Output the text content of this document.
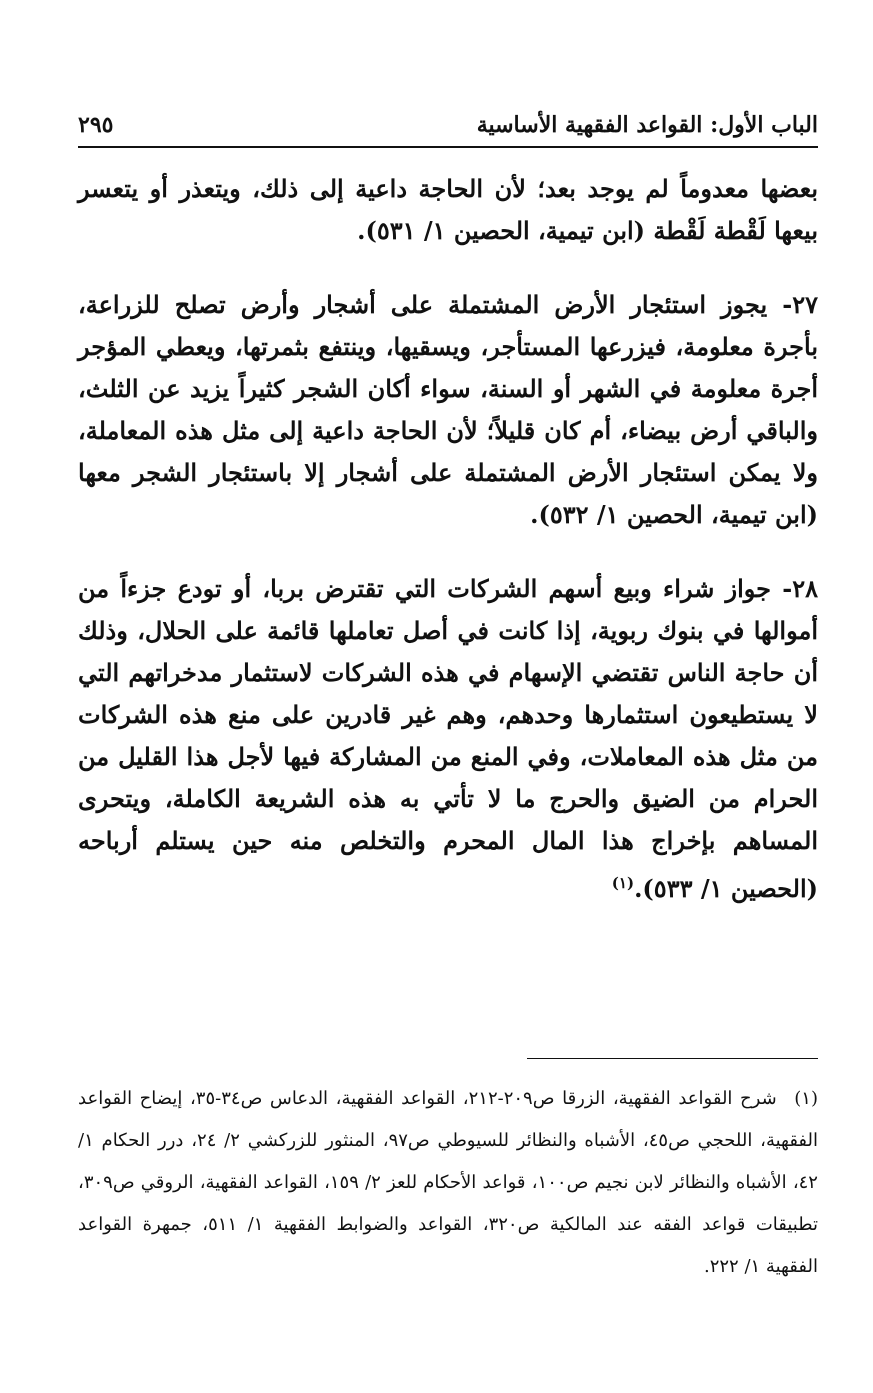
الباب الأول: القواعد الفقهية الأساسية
٢٩٥

بعضها معدوماً لم يوجد بعد؛ لأن الحاجة داعية إلى ذلك، ويتعذر أو يتعسر بيعها لَقْطة لَقْطة (ابن تيمية، الحصين ١/ ٥٣١).

٢٧- يجوز استئجار الأرض المشتملة على أشجار وأرض تصلح للزراعة، بأجرة معلومة، فيزرعها المستأجر، ويسقيها، وينتفع بثمرتها، ويعطي المؤجر أجرة معلومة في الشهر أو السنة، سواء أكان الشجر كثيراً يزيد عن الثلث، والباقي أرض بيضاء، أم كان قليلاً؛ لأن الحاجة داعية إلى مثل هذه المعاملة، ولا يمكن استئجار الأرض المشتملة على أشجار إلا باستئجار الشجر معها (ابن تيمية، الحصين ١/ ٥٣٢).

٢٨- جواز شراء وبيع أسهم الشركات التي تقترض بربا، أو تودع جزءاً من أموالها في بنوك ربوية، إذا كانت في أصل تعاملها قائمة على الحلال، وذلك أن حاجة الناس تقتضي الإسهام في هذه الشركات لاستثمار مدخراتهم التي لا يستطيعون استثمارها وحدهم، وهم غير قادرين على منع هذه الشركات من مثل هذه المعاملات، وفي المنع من المشاركة فيها لأجل هذا القليل من الحرام من الضيق والحرج ما لا تأتي به هذه الشريعة الكاملة، ويتحرى المساهم بإخراج هذا المال المحرم والتخلص منه حين يستلم أرباحه (الحصين ١/ ٥٣٣).$^{(١)}$

(١) شرح القواعد الفقهية، الزرقا ص٢٠٩-٢١٢، القواعد الفقهية، الدعاس ص٣٤-٣٥، إيضاح القواعد الفقهية، اللحجي ص٤٥، الأشباه والنظائر للسيوطي ص٩٧، المنثور للزركشي ٢/ ٢٤، درر الحكام ١/ ٤٢، الأشباه والنظائر لابن نجيم ص١٠٠، قواعد الأحكام للعز ٢/ ١٥٩، القواعد الفقهية، الروقي ص٣٠٩، تطبيقات قواعد الفقه عند المالكية ص٣٢٠، القواعد والضوابط الفقهية ١/ ٥١١، جمهرة القواعد الفقهية ١/ ٢٢٢.
